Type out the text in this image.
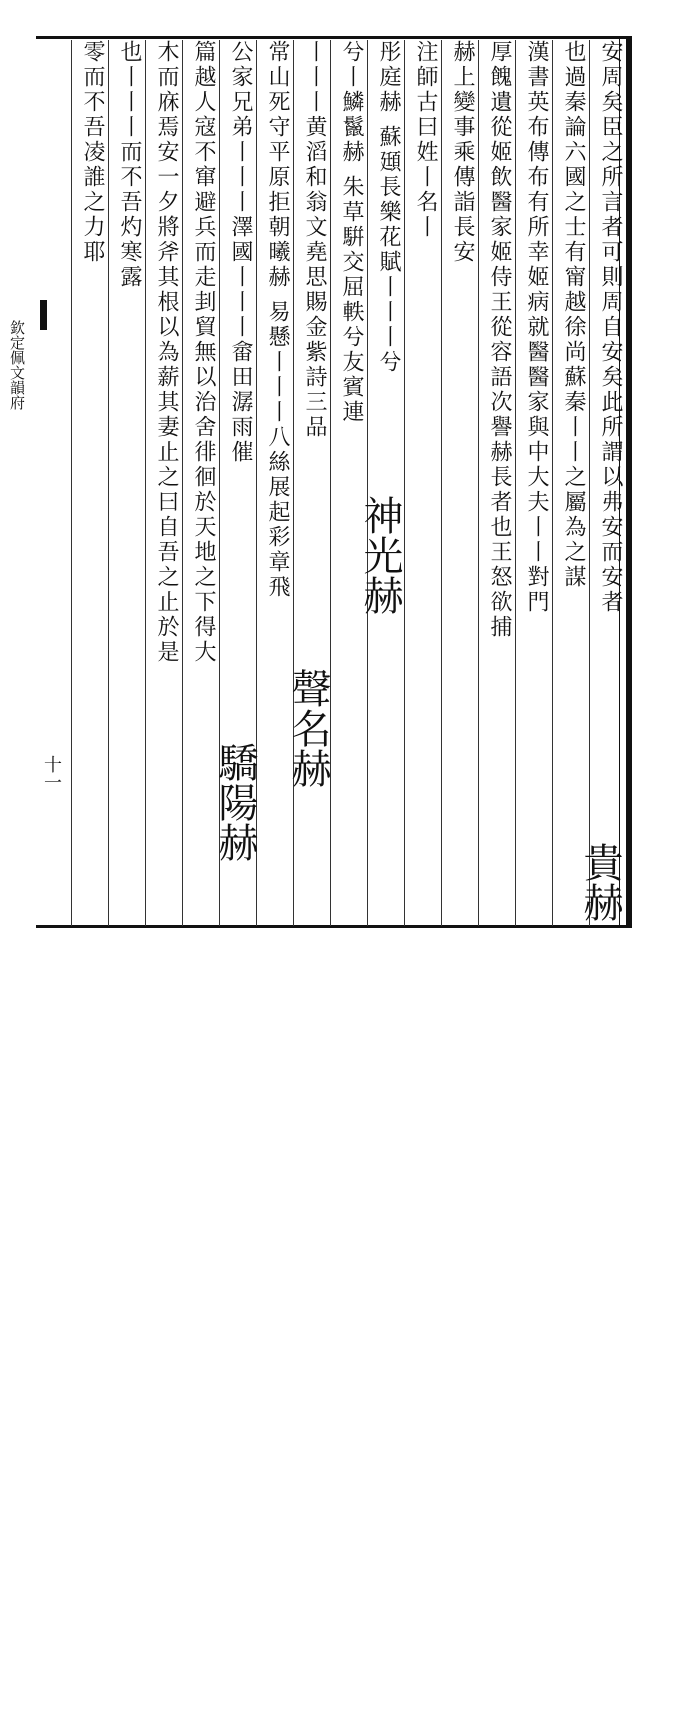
欽定佩文韻府
十一
安周矣臣之所言者可則周自安矣此所謂以弗安而安者
也過秦論六國之士有甯越徐尚蘇秦丨丨之屬為之謀
漢書英布傳布有所幸姬病就醫醫家與中大夫丨丨對門
厚餽遺從姬飲醫家姬侍王從容語次譽赫長者也王怒欲捕
赫上變事乘傳詣長安
注師古曰姓丨名丨
彤庭赫 蘇頲長樂花賦丨丨丨兮
兮丨鱗鬣赫 朱草騈交屈軼兮友賓連
丨丨丨黄滔和翁文堯思賜金紫詩三品
常山死守平原拒朝曦赫 易懸丨丨丨八絲展起彩章飛
公家兄弟丨丨丨澤國丨丨丨畲田潺雨催
篇越人寇不窜避兵而走刲貿無以治舍徘徊於天地之下得大
木而庥焉安一夕將斧其根以為薪其妻止之曰自吾之止於是
也丨丨丨而不吾灼寒露
零而不吾凌誰之力耶
貴赫
神光赫
聲名赫
驕陽赫
